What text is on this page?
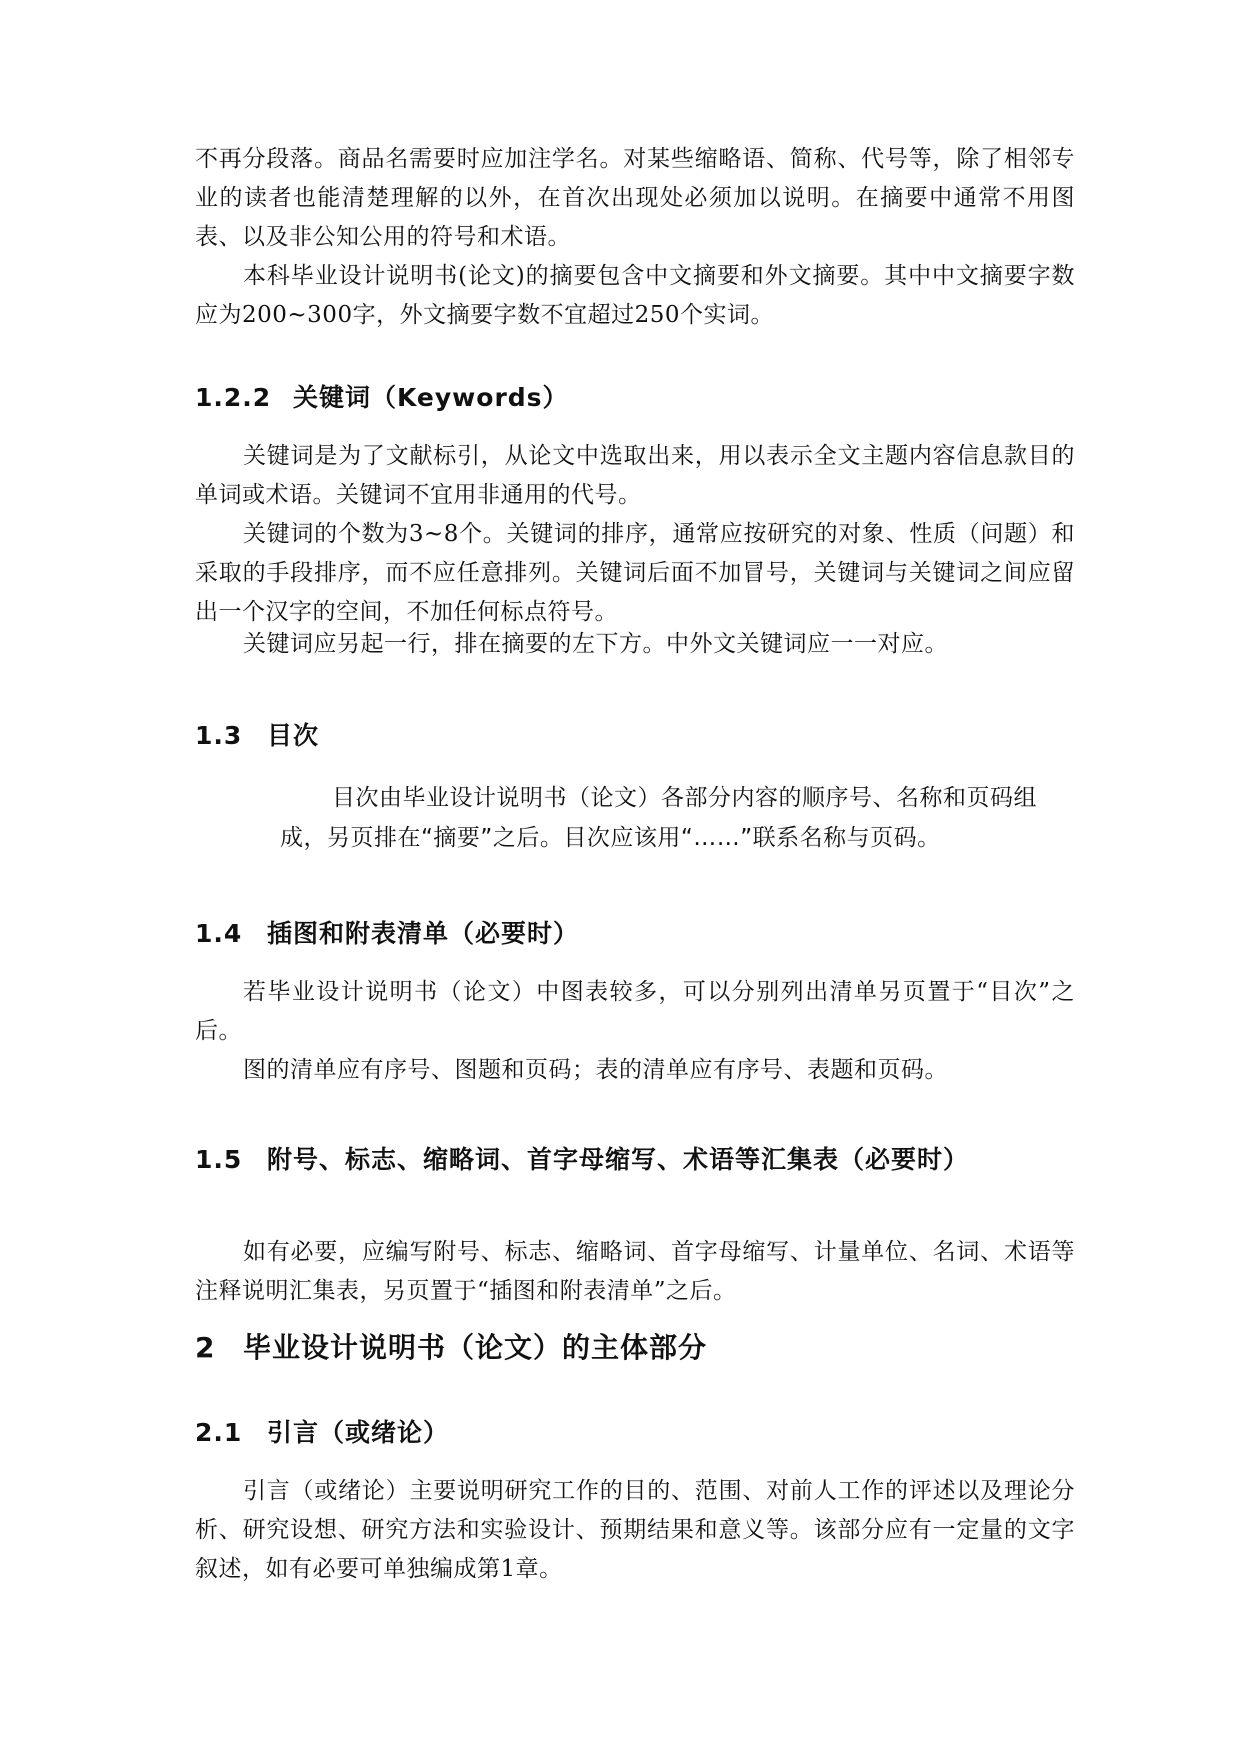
不再分段落。商品名需要时应加注学名。对某些缩略语、简称、代号等，除了相邻专业的读者也能清楚理解的以外，在首次出现处必须加以说明。在摘要中通常不用图表、以及非公知公用的符号和术语。

本科毕业设计说明书(论文)的摘要包含中文摘要和外文摘要。其中中文摘要字数应为200~300字，外文摘要字数不宜超过250个实词。

1.2.2 关键词（Keywords）

关键词是为了文献标引，从论文中选取出来，用以表示全文主题内容信息款目的单词或术语。关键词不宜用非通用的代号。

关键词的个数为3~8个。关键词的排序，通常应按研究的对象、性质（问题）和采取的手段排序，而不应任意排列。关键词后面不加冒号，关键词与关键词之间应留出一个汉字的空间，不加任何标点符号。

关键词应另起一行，排在摘要的左下方。中外文关键词应一一对应。

1.3 目次

目次由毕业设计说明书（论文）各部分内容的顺序号、名称和页码组成，另页排在“摘要”之后。目次应该用“……”联系名称与页码。

1.4 插图和附表清单（必要时）

若毕业设计说明书（论文）中图表较多，可以分别列出清单另页置于“目次”之后。

图的清单应有序号、图题和页码；表的清单应有序号、表题和页码。

1.5 附号、标志、缩略词、首字母缩写、术语等汇集表（必要时）

如有必要，应编写附号、标志、缩略词、首字母缩写、计量单位、名词、术语等注释说明汇集表，另页置于“插图和附表清单”之后。

2 毕业设计说明书（论文）的主体部分
2.1 引言（或绪论）

引言（或绪论）主要说明研究工作的目的、范围、对前人工作的评述以及理论分析、研究设想、研究方法和实验设计、预期结果和意义等。该部分应有一定量的文字叙述，如有必要可单独编成第1章。
